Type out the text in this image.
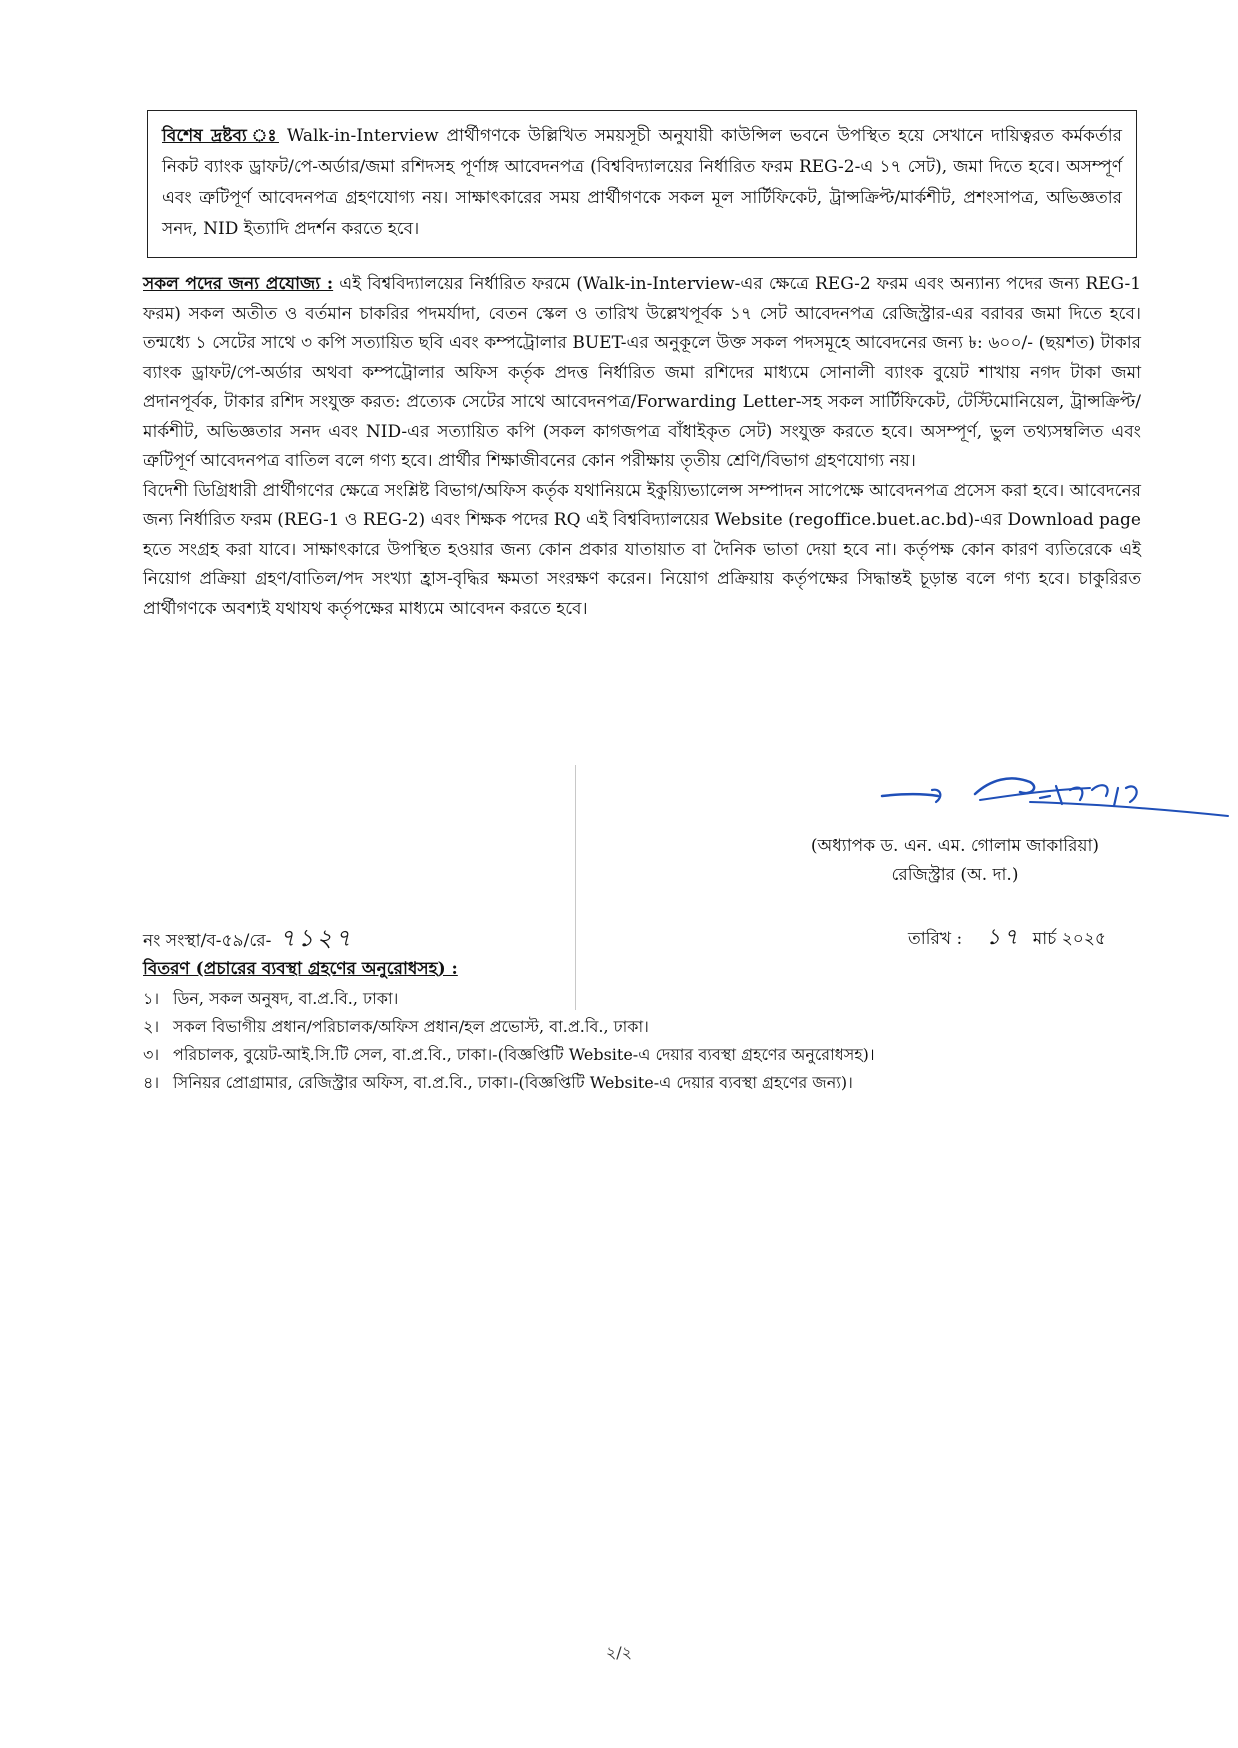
বিশেষ দ্রষ্টব্য ঃ Walk-in-Interview প্রার্থীগণকে উল্লিখিত সময়সূচী অনুযায়ী কাউন্সিল ভবনে উপস্থিত হয়ে সেখানে দায়িত্বরত কর্মকর্তার নিকট ব্যাংক ড্রাফট/পে-অর্ডার/জমা রশিদসহ পূর্ণাঙ্গ আবেদনপত্র (বিশ্ববিদ্যালয়ের নির্ধারিত ফরম REG-2-এ ১৭ সেট), জমা দিতে হবে। অসম্পূর্ণ এবং ত্রুটিপূর্ণ আবেদনপত্র গ্রহণযোগ্য নয়। সাক্ষাৎকারের সময় প্রার্থীগণকে সকল মূল সার্টিফিকেট, ট্রান্সক্রিপ্ট/মার্কশীট, প্রশংসাপত্র, অভিজ্ঞতার সনদ, NID ইত্যাদি প্রদর্শন করতে হবে।

সকল পদের জন্য প্রযোজ্য : এই বিশ্ববিদ্যালয়ের নির্ধারিত ফরমে (Walk-in-Interview-এর ক্ষেত্রে REG-2 ফরম এবং অন্যান্য পদের জন্য REG-1 ফরম) সকল অতীত ও বর্তমান চাকরির পদমর্যাদা, বেতন স্কেল ও তারিখ উল্লেখপূর্বক ১৭ সেট আবেদনপত্র রেজিস্ট্রার-এর বরাবর জমা দিতে হবে। তন্মধ্যে ১ সেটের সাথে ৩ কপি সত্যায়িত ছবি এবং কম্পট্রোলার BUET-এর অনুকূলে উক্ত সকল পদসমূহে আবেদনের জন্য ৳: ৬০০/- (ছয়শত) টাকার ব্যাংক ড্রাফট/পে-অর্ডার অথবা কম্পট্রোলার অফিস কর্তৃক প্রদত্ত নির্ধারিত জমা রশিদের মাধ্যমে সোনালী ব্যাংক বুয়েট শাখায় নগদ টাকা জমা প্রদানপূর্বক, টাকার রশিদ সংযুক্ত করত: প্রত্যেক সেটের সাথে আবেদনপত্র/Forwarding Letter-সহ সকল সার্টিফিকেট, টেস্টিমোনিয়েল, ট্রান্সক্রিপ্ট/মার্কশীট, অভিজ্ঞতার সনদ এবং NID-এর সত্যায়িত কপি (সকল কাগজপত্র বাঁধাইকৃত সেট) সংযুক্ত করতে হবে। অসম্পূর্ণ, ভুল তথ্যসম্বলিত এবং ত্রুটিপূর্ণ আবেদনপত্র বাতিল বলে গণ্য হবে। প্রার্থীর শিক্ষাজীবনের কোন পরীক্ষায় তৃতীয় শ্রেণি/বিভাগ গ্রহণযোগ্য নয়।

বিদেশী ডিগ্রিধারী প্রার্থীগণের ক্ষেত্রে সংশ্লিষ্ট বিভাগ/অফিস কর্তৃক যথানিয়মে ইকুয়্যিভ্যালেন্স সম্পাদন সাপেক্ষে আবেদনপত্র প্রসেস করা হবে। আবেদনের জন্য নির্ধারিত ফরম (REG-1 ও REG-2) এবং শিক্ষক পদের RQ এই বিশ্ববিদ্যালয়ের Website (regoffice.buet.ac.bd)-এর Download page হতে সংগ্রহ করা যাবে। সাক্ষাৎকারে উপস্থিত হওয়ার জন্য কোন প্রকার যাতায়াত বা দৈনিক ভাতা দেয়া হবে না। কর্তৃপক্ষ কোন কারণ ব্যতিরেকে এই নিয়োগ প্রক্রিয়া গ্রহণ/বাতিল/পদ সংখ্যা হ্রাস-বৃদ্ধির ক্ষমতা সংরক্ষণ করেন। নিয়োগ প্রক্রিয়ায় কর্তৃপক্ষের সিদ্ধান্তই চূড়ান্ত বলে গণ্য হবে। চাকুরিরত প্রার্থীগণকে অবশ্যই যথাযথ কর্তৃপক্ষের মাধ্যমে আবেদন করতে হবে।

(অধ্যাপক ড. এন. এম. গোলাম জাকারিয়া)
রেজিস্ট্রার (অ. দা.)
নং সংস্থা/ব-৫৯/রে- ৭১২৭	তারিখ : ১৭ মার্চ ২০২৫
বিতরণ (প্রচারের ব্যবস্থা গ্রহণের অনুরোধসহ) :
১। ডিন, সকল অনুষদ, বা.প্র.বি., ঢাকা।
২। সকল বিভাগীয় প্রধান/পরিচালক/অফিস প্রধান/হল প্রভোস্ট, বা.প্র.বি., ঢাকা।
৩। পরিচালক, বুয়েট-আই.সি.টি সেল, বা.প্র.বি., ঢাকা।-(বিজ্ঞপ্তিটি Website-এ দেয়ার ব্যবস্থা গ্রহণের অনুরোধসহ)।
৪। সিনিয়র প্রোগ্রামার, রেজিস্ট্রার অফিস, বা.প্র.বি., ঢাকা।-(বিজ্ঞপ্তিটি Website-এ দেয়ার ব্যবস্থা গ্রহণের জন্য)।
২/২
